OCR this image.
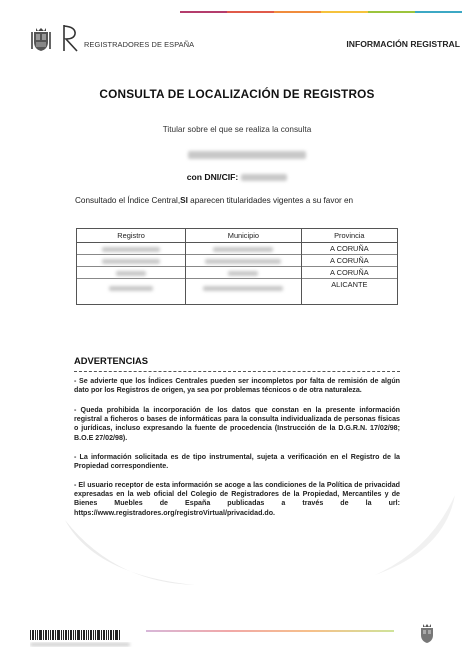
REGISTRADORES DE ESPAÑA	INFORMACIÓN REGISTRAL
CONSULTA DE LOCALIZACIÓN DE REGISTROS
Titular sobre el que se realiza la consulta
con DNI/CIF:
Consultado el Índice Central,SI aparecen titularidades vigentes a su favor en
Registro	Municipio	Provincia
		A CORUÑA
		A CORUÑA
		A CORUÑA
		ALICANTE
ADVERTENCIAS
- Se advierte que los Índices Centrales pueden ser incompletos por falta de remisión de algún dato por los Registros de origen, ya sea por problemas técnicos o de otra naturaleza.
- Queda prohibida la incorporación de los datos que constan en la presente información registral a ficheros o bases de informáticas para la consulta individualizada de personas físicas o jurídicas, incluso expresando la fuente de procedencia (Instrucción de la D.G.R.N. 17/02/98; B.O.E 27/02/98).
- La información solicitada es de tipo instrumental, sujeta a verificación en el Registro de la Propiedad correspondiente.
- El usuario receptor de esta información se acoge a las condiciones de la Política de privacidad expresadas en la web oficial del Colegio de Registradores de la Propiedad, Mercantiles y de Bienes Muebles de España publicadas a través de la url: https://www.registradores.org/registroVirtual/privacidad.do.
